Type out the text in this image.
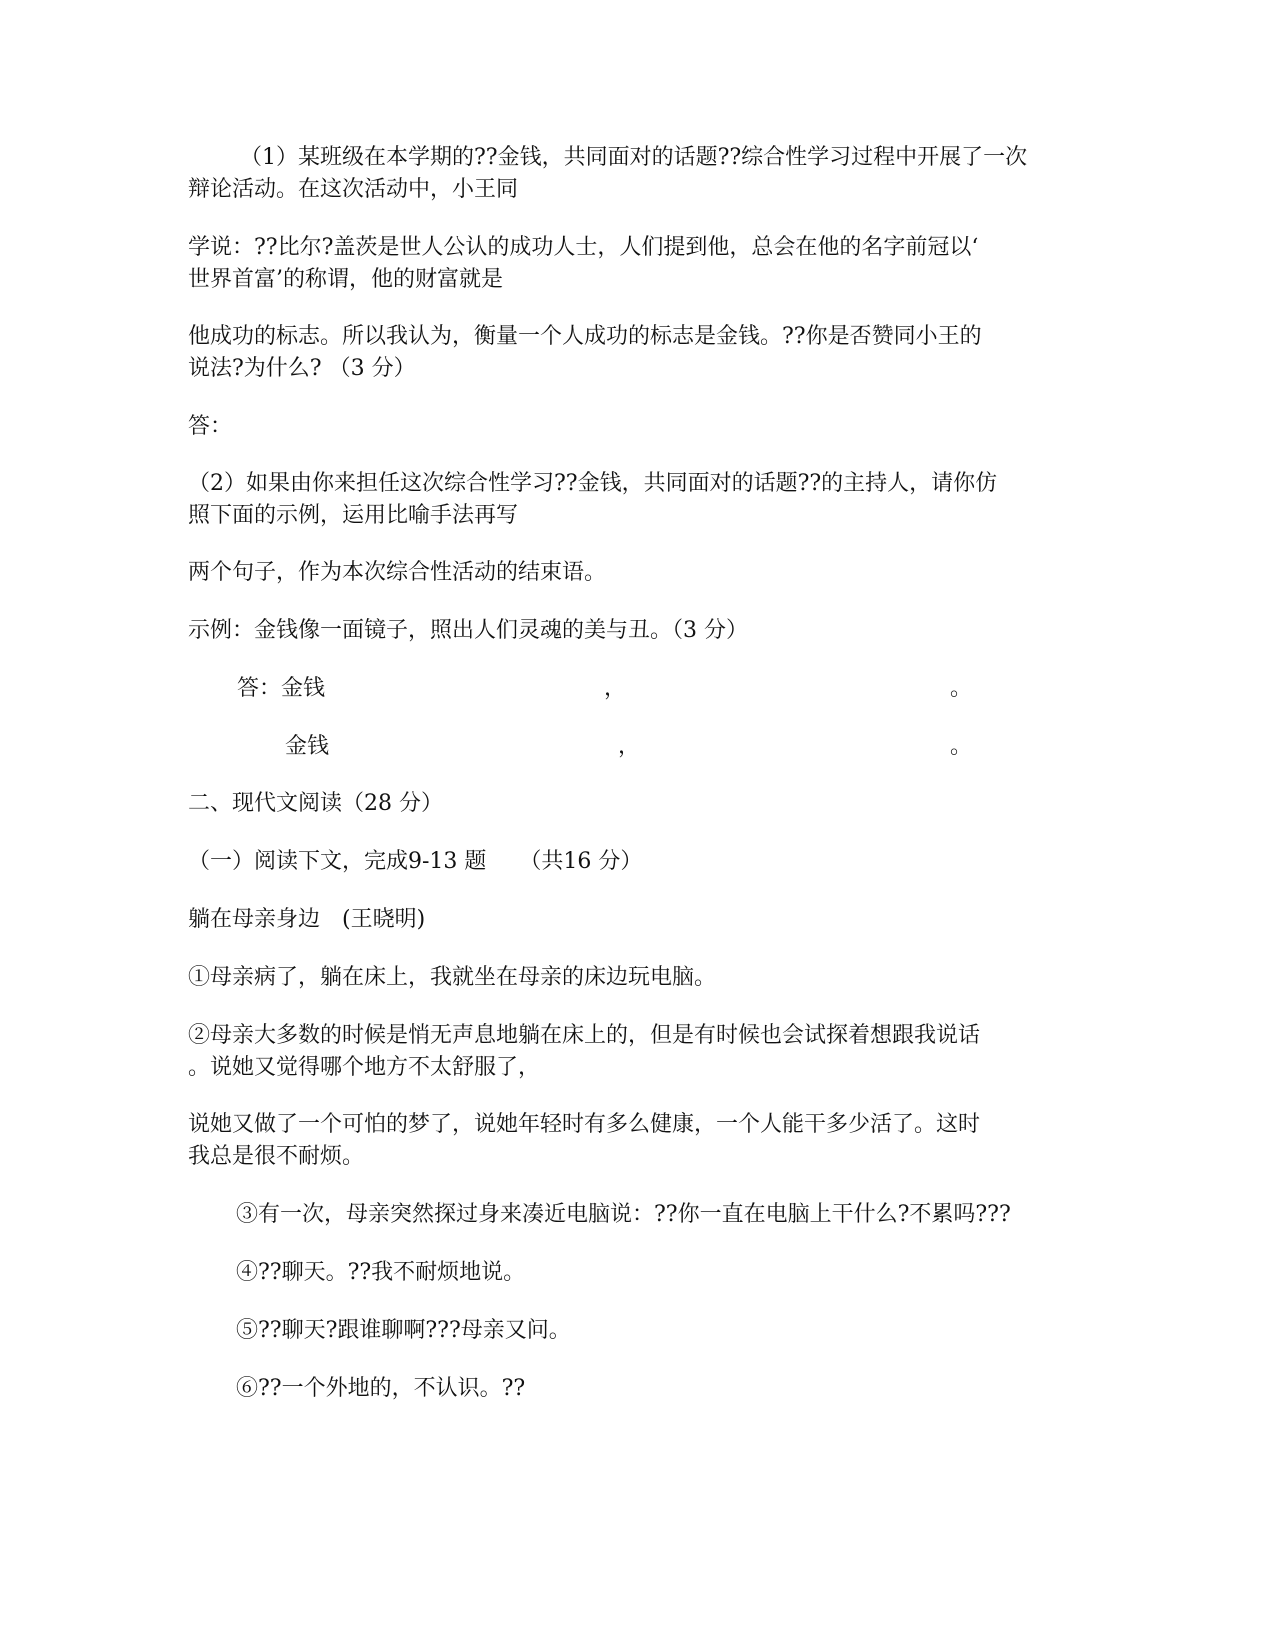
（1）某班级在本学期的??金钱，共同面对的话题??综合性学习过程中开展了一次
辩论活动。在这次活动中，小王同
学说：??比尔?盖茨是世人公认的成功人士，人们提到他，总会在他的名字前冠以‘
世界首富’的称谓，他的财富就是
他成功的标志。所以我认为，衡量一个人成功的标志是金钱。??你是否赞同小王的
说法?为什么? （3 分）
答：
（2）如果由你来担任这次综合性学习??金钱，共同面对的话题??的主持人，请你仿
照下面的示例，运用比喻手法再写
两个句子，作为本次综合性活动的结束语。
示例：金钱像一面镜子，照出人们灵魂的美与丑。（3 分）
答：金钱	，	。
金钱	，	。
二、现代文阅读（28 分）
（一）阅读下文，完成9-13 题　　（共16 分）
躺在母亲身边　(王晓明)
①母亲病了，躺在床上，我就坐在母亲的床边玩电脑。
②母亲大多数的时候是悄无声息地躺在床上的，但是有时候也会试探着想跟我说话
。说她又觉得哪个地方不太舒服了，
说她又做了一个可怕的梦了，说她年轻时有多么健康，一个人能干多少活了。这时
我总是很不耐烦。
③有一次，母亲突然探过身来凑近电脑说：??你一直在电脑上干什么?不累吗???
④??聊天。??我不耐烦地说。
⑤??聊天?跟谁聊啊???母亲又问。
⑥??一个外地的，不认识。??
